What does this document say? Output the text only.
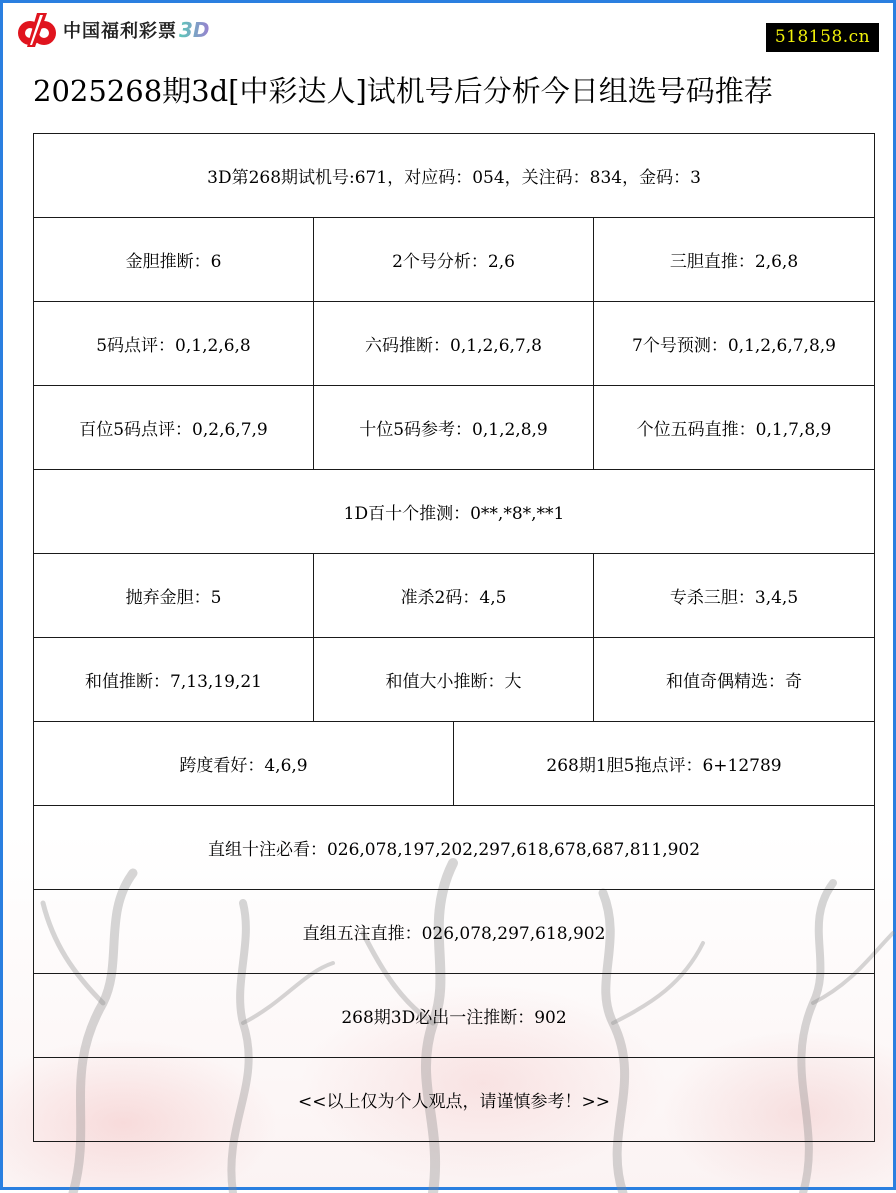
中国福利彩票 3D	518158.cn
2025268期3d[中彩达人]试机号后分析今日组选号码推荐
3D第268期试机号:671，对应码：054，关注码：834，金码：3			
金胆推断：6	2个号分析：2,6		三胆直推：2,6,8
5码点评：0,1,2,6,8	六码推断：0,1,2,6,7,8		7个号预测：0,1,2,6,7,8,9
百位5码点评：0,2,6,7,9	十位5码参考：0,1,2,8,9		个位五码直推：0,1,7,8,9
1D百十个推测：0**,*8*,**1			
抛弃金胆：5	准杀2码：4,5		专杀三胆：3,4,5
和值推断：7,13,19,21	和值大小推断：大		和值奇偶精选：奇
跨度看好：4,6,9		268期1胆5拖点评：6+12789	
直组十注必看：026,078,197,202,297,618,678,687,811,902			
直组五注直推：026,078,297,618,902			
268期3D必出一注推断：902			
<<以上仅为个人观点，请谨慎参考！>>			
